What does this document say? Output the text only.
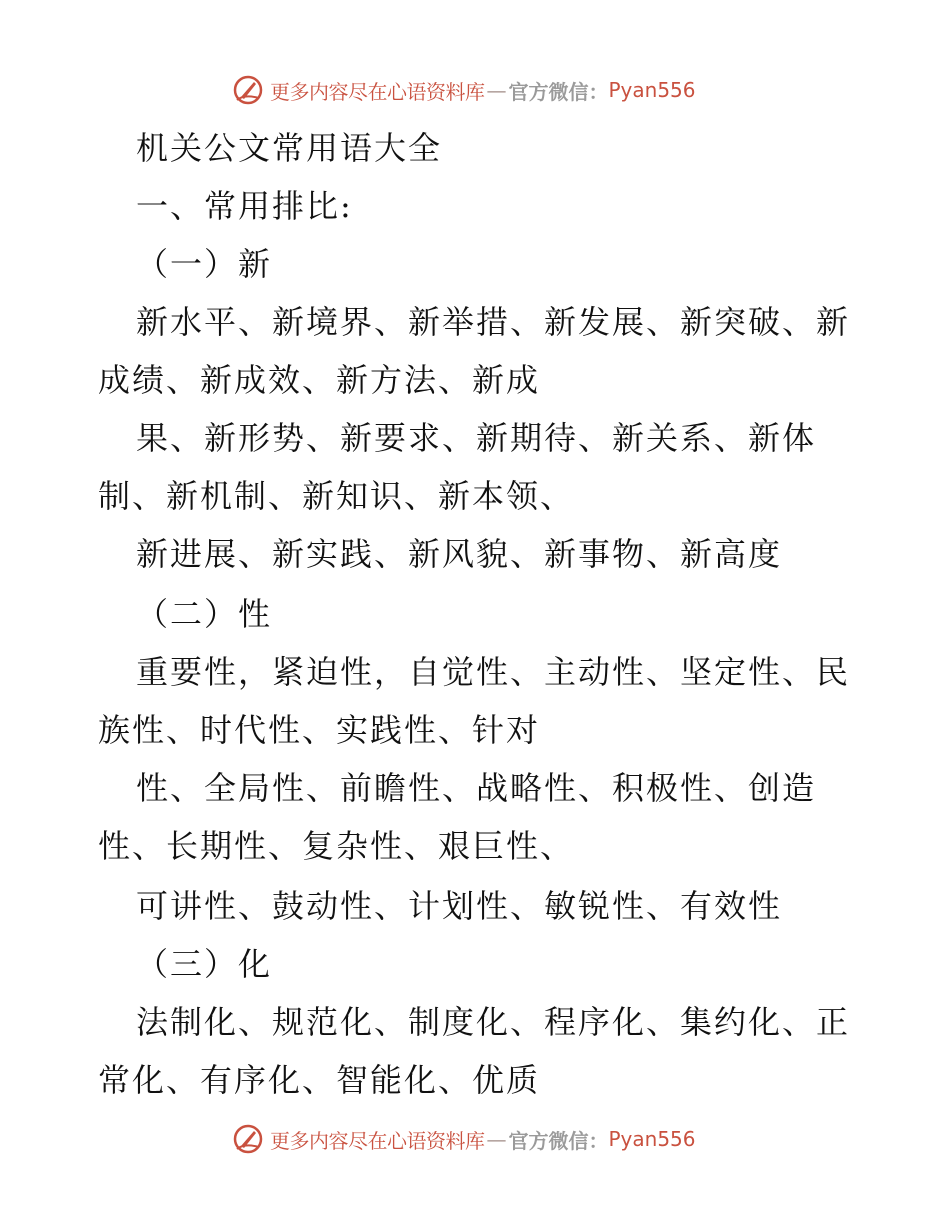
更多内容尽在心语资料库 — 官方微信： Pyan556
机关公文常用语大全
一、常用排比:
（一）新
新水平、新境界、新举措、新发展、新突破、新
成绩、新成效、新方法、新成
果、新形势、新要求、新期待、新关系、新体
制、新机制、新知识、新本领、
新进展、新实践、新风貌、新事物、新高度
（二）性
重要性，紧迫性，自觉性、主动性、坚定性、民
族性、时代性、实践性、针对
性、全局性、前瞻性、战略性、积极性、创造
性、长期性、复杂性、艰巨性、
可讲性、鼓动性、计划性、敏锐性、有效性
（三）化
法制化、规范化、制度化、程序化、集约化、正
常化、有序化、智能化、优质
更多内容尽在心语资料库 — 官方微信： Pyan556
